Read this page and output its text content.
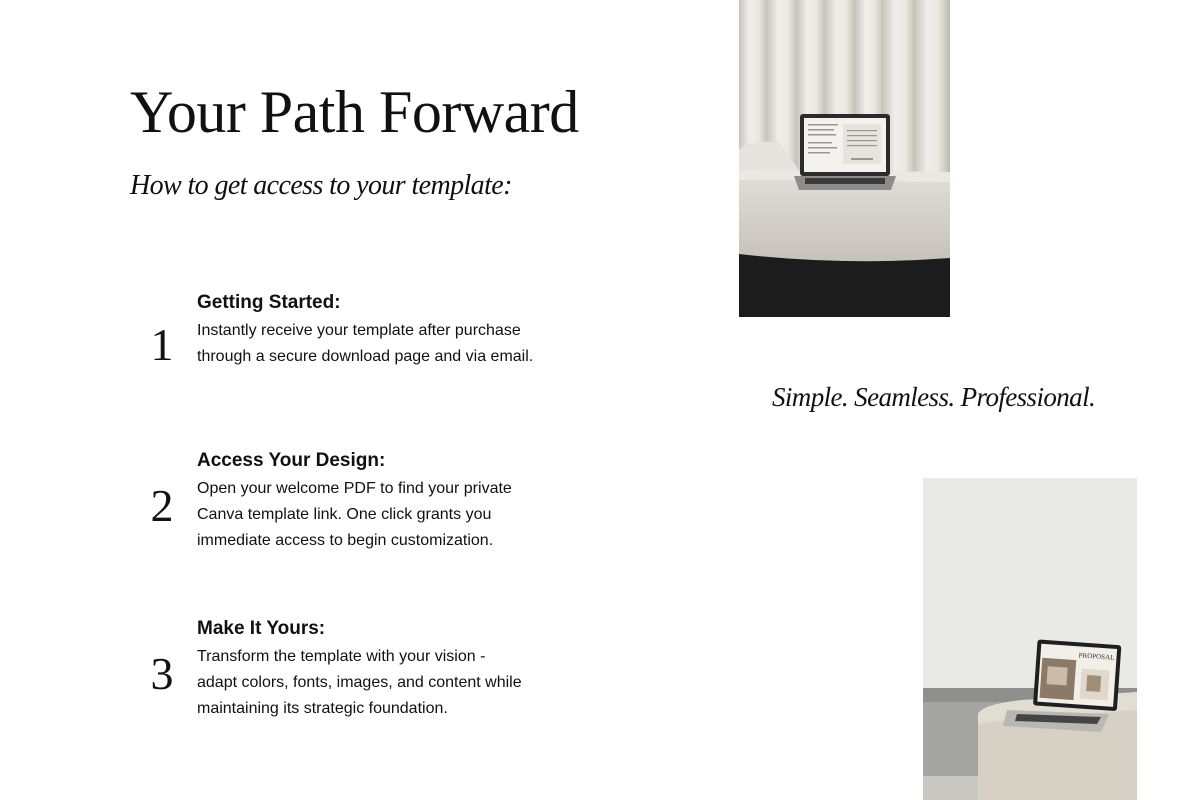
Your Path Forward

How to get access to your template:

1
Getting Started:

Instantly receive your template after purchase

through a secure download page and via email.

2
Access Your Design:

Open your welcome PDF to find your private

Canva template link. One click grants you

immediate access to begin customization.

3
Make It Yours:

Transform the template with your vision -

adapt colors, fonts, images, and content while

maintaining its strategic foundation.

Simple. Seamless. Professional.

PROPOSAL
